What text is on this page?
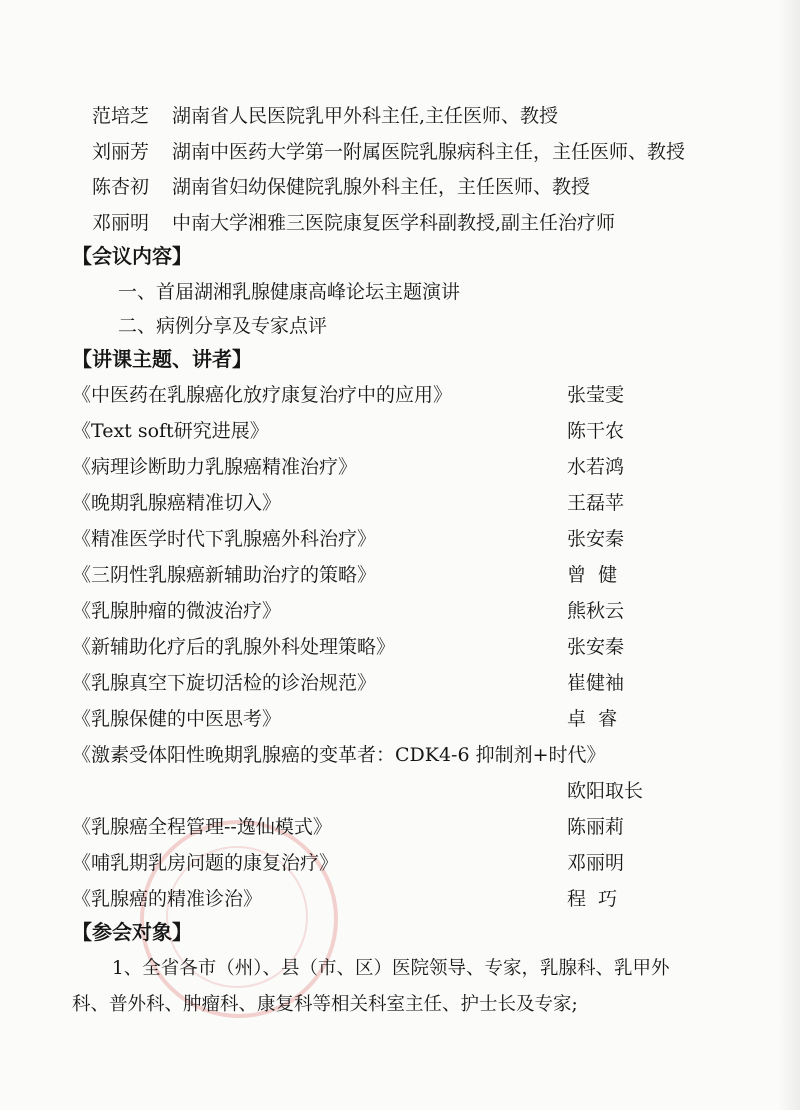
范培芝 湖南省人民医院乳甲外科主任,主任医师、教授
刘丽芳 湖南中医药大学第一附属医院乳腺病科主任，主任医师、教授
陈杏初 湖南省妇幼保健院乳腺外科主任，主任医师、教授
邓丽明 中南大学湘雅三医院康复医学科副教授,副主任治疗师
【会议内容】
一、首届湖湘乳腺健康高峰论坛主题演讲
二、病例分享及专家点评
【讲课主题、讲者】
《中医药在乳腺癌化放疗康复治疗中的应用》	张莹雯
《Text soft研究进展》	陈干农
《病理诊断助力乳腺癌精准治疗》	水若鸿
《晚期乳腺癌精准切入》	王磊苹
《精准医学时代下乳腺癌外科治疗》	张安秦
《三阴性乳腺癌新辅助治疗的策略》	曾  健
《乳腺肿瘤的微波治疗》	熊秋云
《新辅助化疗后的乳腺外科处理策略》	张安秦
《乳腺真空下旋切活检的诊治规范》	崔健袖
《乳腺保健的中医思考》	卓  睿
《激素受体阳性晚期乳腺癌的变革者：CDK4-6 抑制剂+时代》
欧阳取长
《乳腺癌全程管理--逸仙模式》	陈丽莉
《哺乳期乳房问题的康复治疗》	邓丽明
《乳腺癌的精准诊治》	程  巧
【参会对象】
1、全省各市（州）、县（市、区）医院领导、专家，乳腺科、乳甲外
科、普外科、肿瘤科、康复科等相关科室主任、护士长及专家;
